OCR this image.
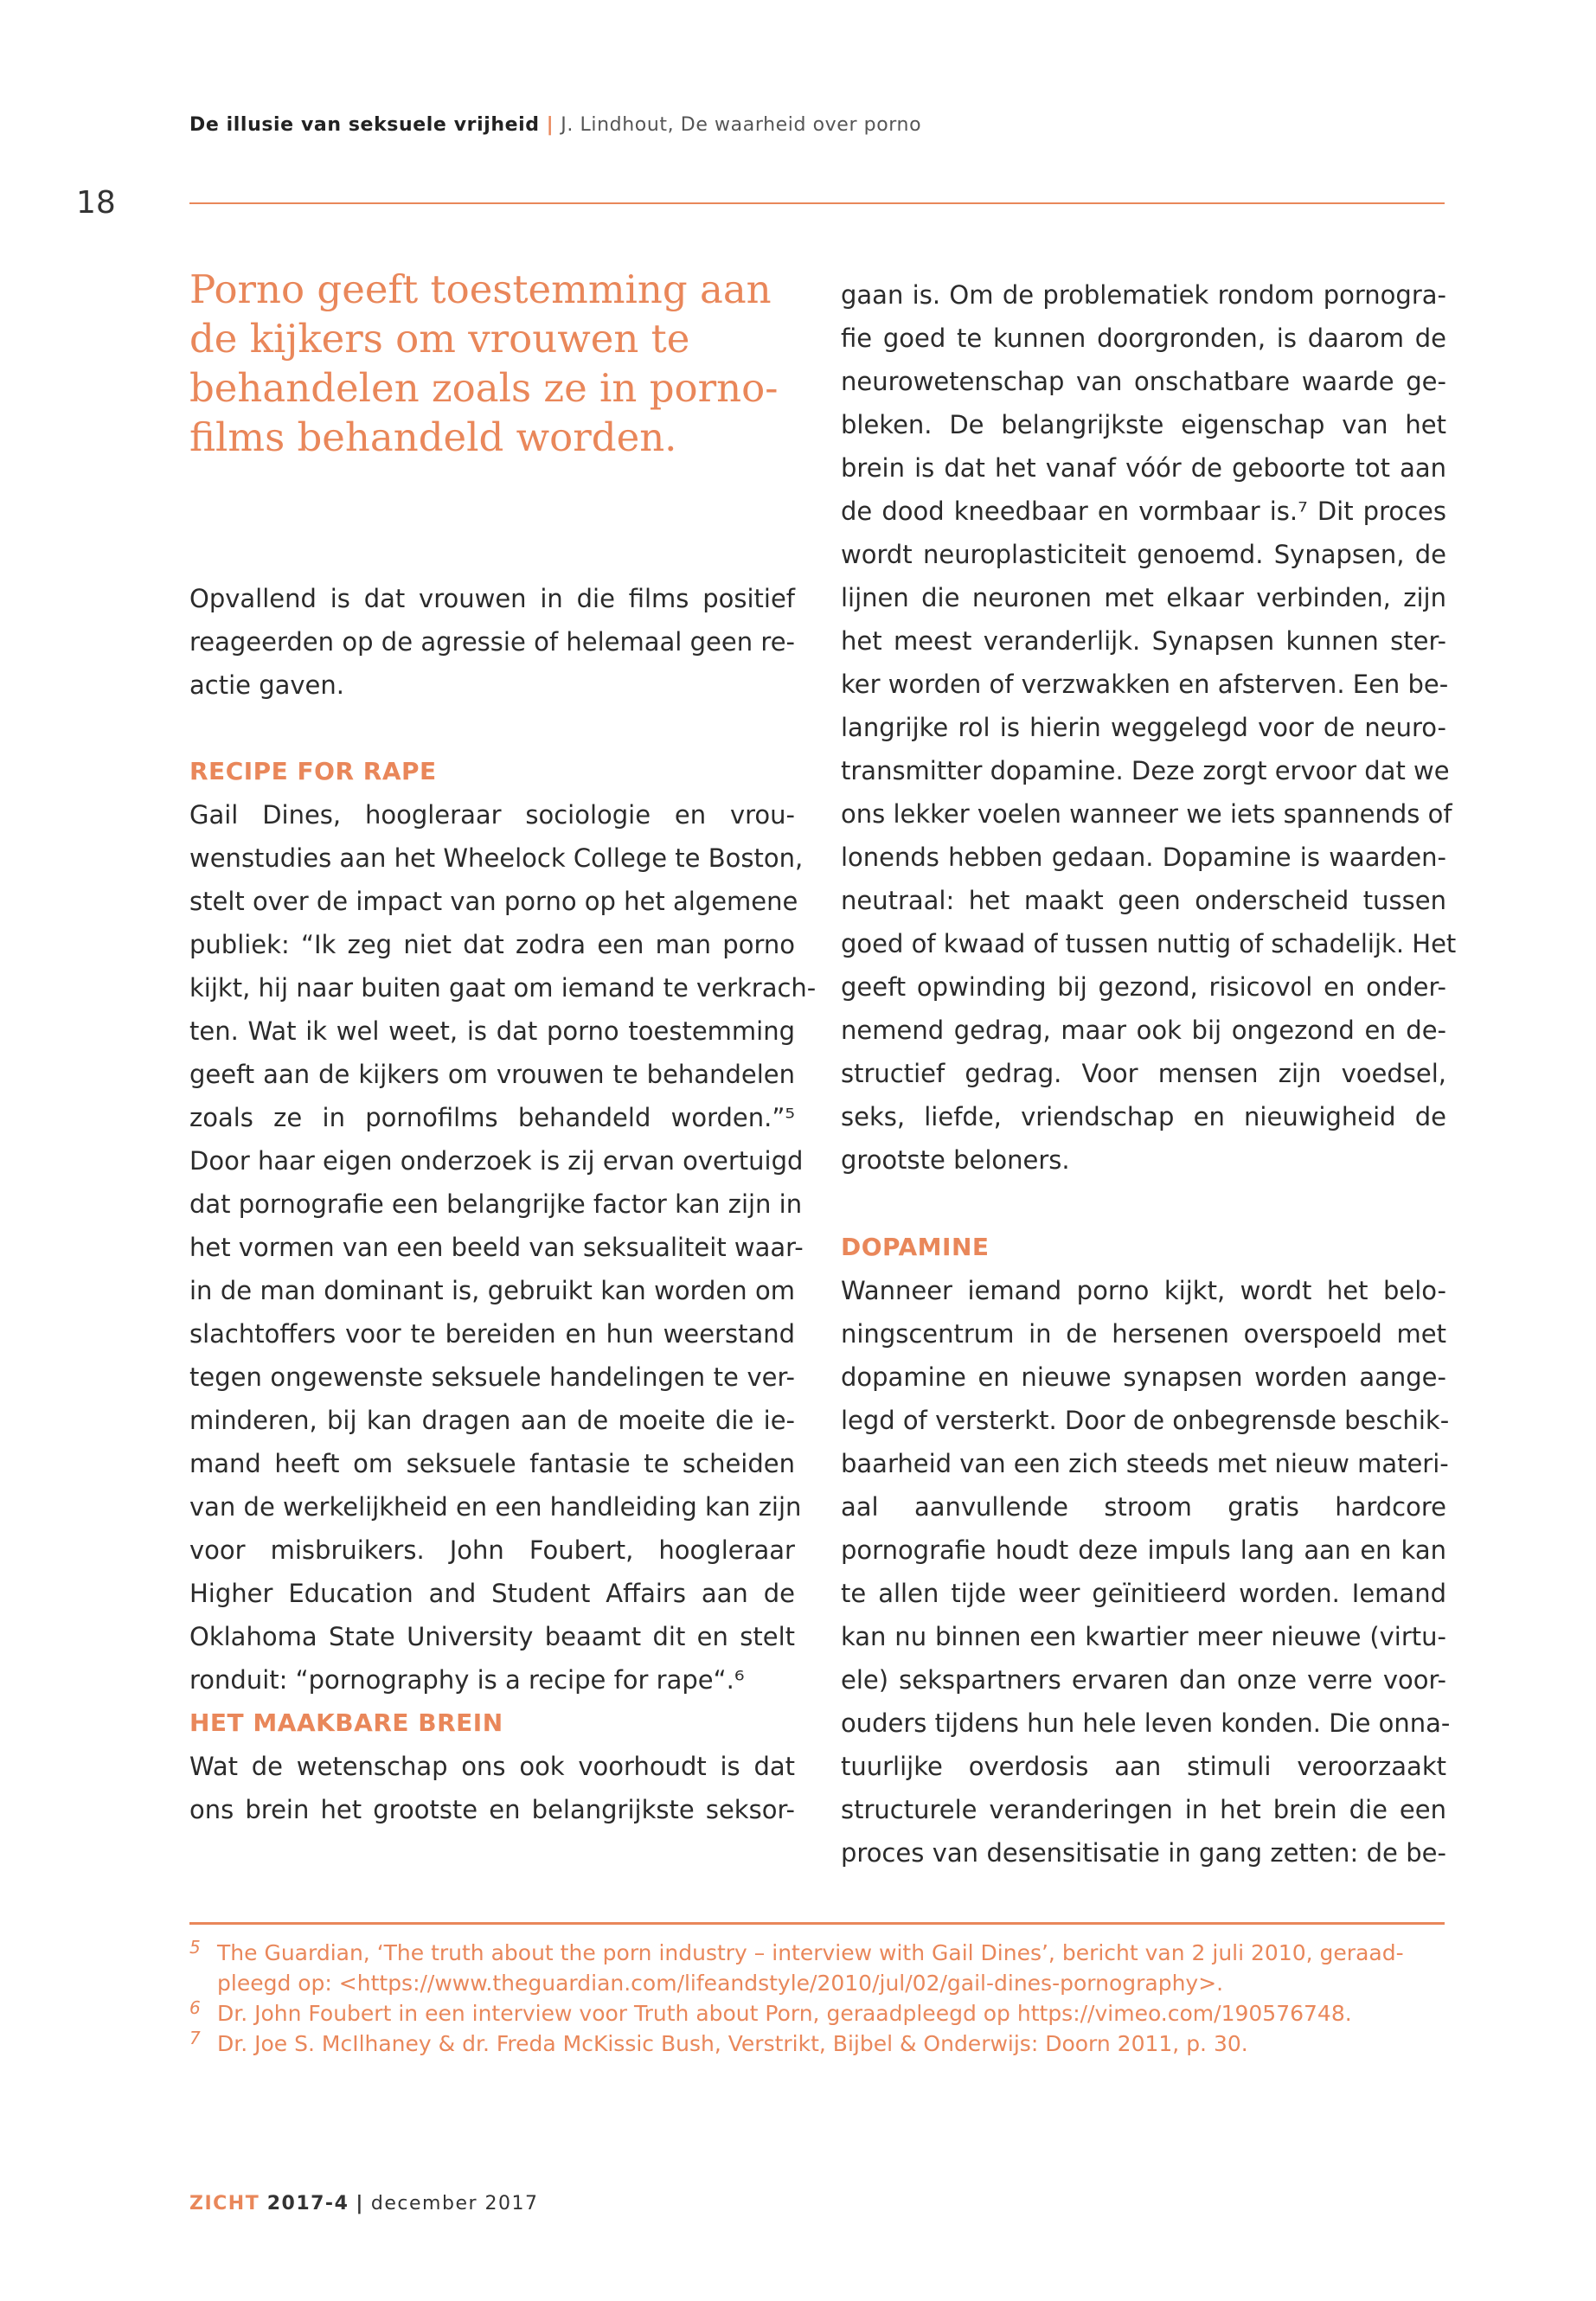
De illusie van seksuele vrijheid | J. Lindhout, De waarheid over porno
18
Porno geeft toestemming aan de kijkers om vrouwen te behandelen zoals ze in pornofilms behandeld worden.
Opvallend is dat vrouwen in die films positief
reageerden op de agressie of helemaal geen re-
actie gaven.
RECIPE FOR RAPE
Gail Dines, hoogleraar sociologie en vrou-
wenstudies aan het Wheelock College te Boston,
stelt over de impact van porno op het algemene
publiek: “Ik zeg niet dat zodra een man porno
kijkt, hij naar buiten gaat om iemand te verkrach-
ten. Wat ik wel weet, is dat porno toestemming
geeft aan de kijkers om vrouwen te behandelen
zoals ze in pornofilms behandeld worden.”⁵
Door haar eigen onderzoek is zij ervan overtuigd
dat pornografie een belangrijke factor kan zijn in
het vormen van een beeld van seksualiteit waar-
in de man dominant is, gebruikt kan worden om
slachtoffers voor te bereiden en hun weerstand
tegen ongewenste seksuele handelingen te ver-
minderen, bij kan dragen aan de moeite die ie-
mand heeft om seksuele fantasie te scheiden
van de werkelijkheid en een handleiding kan zijn
voor misbruikers. John Foubert, hoogleraar
Higher Education and Student Affairs aan de
Oklahoma State University beaamt dit en stelt
ronduit: “pornography is a recipe for rape“.⁶
HET MAAKBARE BREIN
Wat de wetenschap ons ook voorhoudt is dat
ons brein het grootste en belangrijkste seksor-
gaan is. Om de problematiek rondom pornogra-
fie goed te kunnen doorgronden, is daarom de
neurowetenschap van onschatbare waarde ge-
bleken. De belangrijkste eigenschap van het
brein is dat het vanaf vóór de geboorte tot aan
de dood kneedbaar en vormbaar is.⁷ Dit proces
wordt neuroplasticiteit genoemd. Synapsen, de
lijnen die neuronen met elkaar verbinden, zijn
het meest veranderlijk. Synapsen kunnen ster-
ker worden of verzwakken en afsterven. Een be-
langrijke rol is hierin weggelegd voor de neuro-
transmitter dopamine. Deze zorgt ervoor dat we
ons lekker voelen wanneer we iets spannends of
lonends hebben gedaan. Dopamine is waarden-
neutraal: het maakt geen onderscheid tussen
goed of kwaad of tussen nuttig of schadelijk. Het
geeft opwinding bij gezond, risicovol en onder-
nemend gedrag, maar ook bij ongezond en de-
structief gedrag. Voor mensen zijn voedsel,
seks, liefde, vriendschap en nieuwigheid de
grootste beloners.
DOPAMINE
Wanneer iemand porno kijkt, wordt het belo-
ningscentrum in de hersenen overspoeld met
dopamine en nieuwe synapsen worden aange-
legd of versterkt. Door de onbegrensde beschik-
baarheid van een zich steeds met nieuw materi-
aal aanvullende stroom gratis hardcore
pornografie houdt deze impuls lang aan en kan
te allen tijde weer geïnitieerd worden. Iemand
kan nu binnen een kwartier meer nieuwe (virtu-
ele) sekspartners ervaren dan onze verre voor-
ouders tijdens hun hele leven konden. Die onna-
tuurlijke overdosis aan stimuli veroorzaakt
structurele veranderingen in het brein die een
proces van desensitisatie in gang zetten: de be-
5 The Guardian, ‘The truth about the porn industry – interview with Gail Dines’, bericht van 2 juli 2010, geraad-
pleegd op: <https://www.theguardian.com/lifeandstyle/2010/jul/02/gail-dines-pornography>.
6 Dr. John Foubert in een interview voor Truth about Porn, geraadpleegd op https://vimeo.com/190576748.
7 Dr. Joe S. McIlhaney & dr. Freda McKissic Bush, Verstrikt, Bijbel & Onderwijs: Doorn 2011, p. 30.
ZICHT 2017-4 | december 2017
